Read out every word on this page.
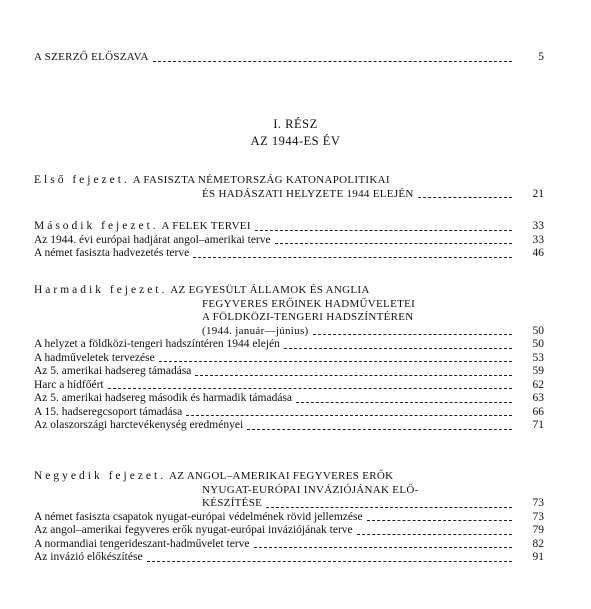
A SZERZŐ ELŐSZAVA	5
I. RÉSZ
AZ 1944-ES ÉV
Első fejezet. A FASISZTA NÉMETORSZÁG KATONAPOLITIKAI
ÉS HADÁSZATI HELYZETE 1944 ELEJÉN	21
Második fejezet. A FELEK TERVEI	33
Az 1944. évi európai hadjárat angol–amerikai terve	33
A német fasiszta hadvezetés terve	46
Harmadik fejezet. AZ EGYESÜLT ÁLLAMOK ÉS ANGLIA
FEGYVERES ERŐINEK HADMŰVELETEI
A FÖLDKÖZI-TENGERI HADSZÍNTÉREN
(1944. január—június)	50
A helyzet a földközi-tengeri hadszíntéren 1944 elején	50
A hadműveletek tervezése	53
Az 5. amerikai hadsereg támadása	59
Harc a hídfőért	62
Az 5. amerikai hadsereg második és harmadik támadása	63
A 15. hadseregcsoport támadása	66
Az olaszországi harctevékenység eredményei	71
Negyedik fejezet. AZ ANGOL–AMERIKAI FEGYVERES ERŐK
NYUGAT-EURÓPAI INVÁZIÓJÁNAK ELŐ-
KÉSZÍTÉSE	73
A német fasiszta csapatok nyugat-európai védelmének rövid jellemzése	73
Az angol–amerikai fegyveres erők nyugat-európai inváziójának terve	79
A normandiai tengerideszant-hadművelet terve	82
Az invázió előkészítése	91
